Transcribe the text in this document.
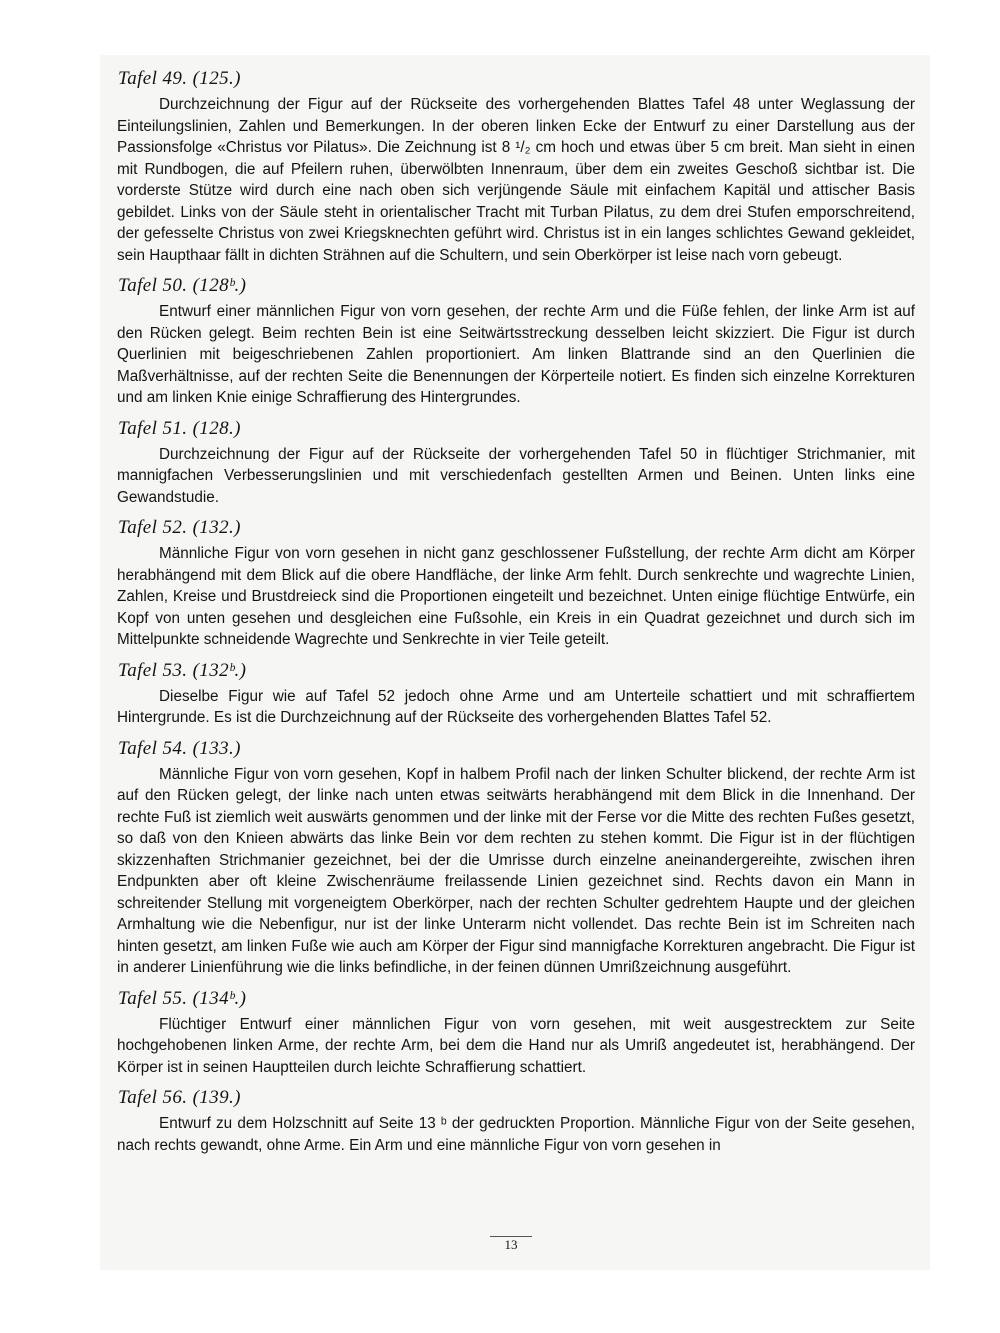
Tafel 49. (125.)

Durchzeichnung der Figur auf der Rückseite des vorhergehenden Blattes Tafel 48 unter Weglassung der Einteilungslinien, Zahlen und Bemerkungen. In der oberen linken Ecke der Entwurf zu einer Darstellung aus der Passionsfolge «Christus vor Pilatus». Die Zeichnung ist 8 ¹/₂ cm hoch und etwas über 5 cm breit. Man sieht in einen mit Rundbogen, die auf Pfeilern ruhen, überwölbten Innenraum, über dem ein zweites Geschoß sichtbar ist. Die vorderste Stütze wird durch eine nach oben sich verjüngende Säule mit einfachem Kapitäl und attischer Basis gebildet. Links von der Säule steht in orientalischer Tracht mit Turban Pilatus, zu dem drei Stufen emporschreitend, der gefesselte Christus von zwei Kriegsknechten geführt wird. Christus ist in ein langes schlichtes Gewand gekleidet, sein Haupthaar fällt in dichten Strähnen auf die Schultern, und sein Oberkörper ist leise nach vorn gebeugt.

Tafel 50. (128ᵇ.)

Entwurf einer männlichen Figur von vorn gesehen, der rechte Arm und die Füße fehlen, der linke Arm ist auf den Rücken gelegt. Beim rechten Bein ist eine Seitwärtsstreckung desselben leicht skizziert. Die Figur ist durch Querlinien mit beigeschriebenen Zahlen proportioniert. Am linken Blattrande sind an den Querlinien die Maßverhältnisse, auf der rechten Seite die Benennungen der Körperteile notiert. Es finden sich einzelne Korrekturen und am linken Knie einige Schraffierung des Hintergrundes.

Tafel 51. (128.)

Durchzeichnung der Figur auf der Rückseite der vorhergehenden Tafel 50 in flüchtiger Strichmanier, mit mannigfachen Verbesserungslinien und mit verschiedenfach gestellten Armen und Beinen. Unten links eine Gewandstudie.

Tafel 52. (132.)

Männliche Figur von vorn gesehen in nicht ganz geschlossener Fußstellung, der rechte Arm dicht am Körper herabhängend mit dem Blick auf die obere Handfläche, der linke Arm fehlt. Durch senkrechte und wagrechte Linien, Zahlen, Kreise und Brustdreieck sind die Proportionen eingeteilt und bezeichnet. Unten einige flüchtige Entwürfe, ein Kopf von unten gesehen und desgleichen eine Fußsohle, ein Kreis in ein Quadrat gezeichnet und durch sich im Mittelpunkte schneidende Wagrechte und Senkrechte in vier Teile geteilt.

Tafel 53. (132ᵇ.)

Dieselbe Figur wie auf Tafel 52 jedoch ohne Arme und am Unterteile schattiert und mit schraffiertem Hintergrunde. Es ist die Durchzeichnung auf der Rückseite des vorhergehenden Blattes Tafel 52.

Tafel 54. (133.)

Männliche Figur von vorn gesehen, Kopf in halbem Profil nach der linken Schulter blickend, der rechte Arm ist auf den Rücken gelegt, der linke nach unten etwas seitwärts herabhängend mit dem Blick in die Innenhand. Der rechte Fuß ist ziemlich weit auswärts genommen und der linke mit der Ferse vor die Mitte des rechten Fußes gesetzt, so daß von den Knieen abwärts das linke Bein vor dem rechten zu stehen kommt. Die Figur ist in der flüchtigen skizzenhaften Strichmanier gezeichnet, bei der die Umrisse durch einzelne aneinandergereihte, zwischen ihren Endpunkten aber oft kleine Zwischenräume freilassende Linien gezeichnet sind. Rechts davon ein Mann in schreitender Stellung mit vorgeneigtem Oberkörper, nach der rechten Schulter gedrehtem Haupte und der gleichen Armhaltung wie die Nebenfigur, nur ist der linke Unterarm nicht vollendet. Das rechte Bein ist im Schreiten nach hinten gesetzt, am linken Fuße wie auch am Körper der Figur sind mannigfache Korrekturen angebracht. Die Figur ist in anderer Linienführung wie die links befindliche, in der feinen dünnen Umrißzeichnung ausgeführt.

Tafel 55. (134ᵇ.)

Flüchtiger Entwurf einer männlichen Figur von vorn gesehen, mit weit ausgestrecktem zur Seite hochgehobenen linken Arme, der rechte Arm, bei dem die Hand nur als Umriß angedeutet ist, herabhängend. Der Körper ist in seinen Hauptteilen durch leichte Schraffierung schattiert.

Tafel 56. (139.)

Entwurf zu dem Holzschnitt auf Seite 13 ᵇ der gedruckten Proportion. Männliche Figur von der Seite gesehen, nach rechts gewandt, ohne Arme. Ein Arm und eine männliche Figur von vorn gesehen in

13
